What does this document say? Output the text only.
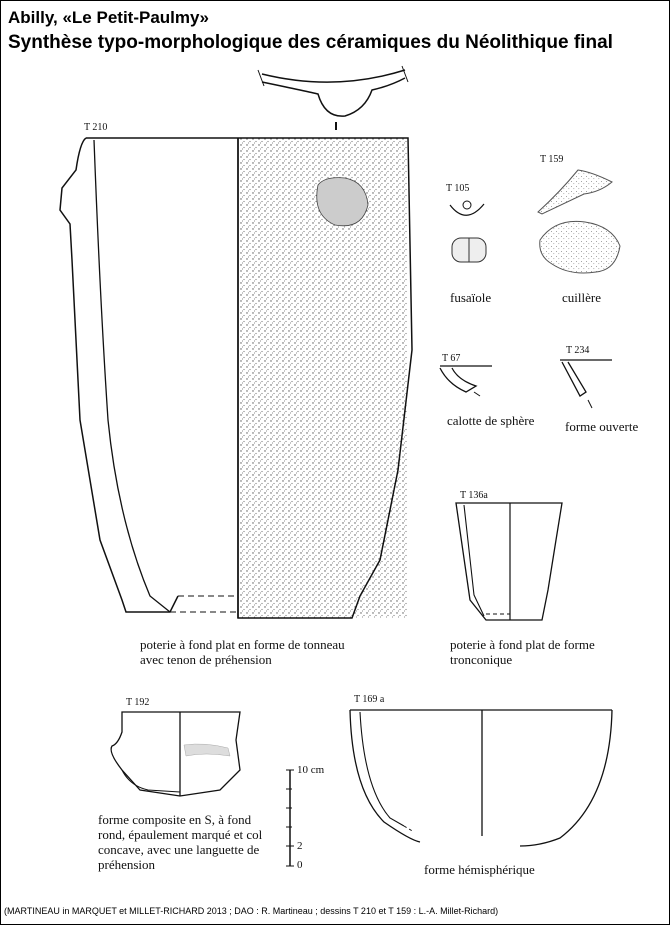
Abilly, «Le Petit-Paulmy»
Synthèse typo-morphologique des céramiques du Néolithique final
T 210
T 105
T 159
T 67
T 234
T 136a
T 192	T 169 a
fusaïole	cuillère
calotte de sphère forme ouverte
poterie à fond plat en forme de tonneau
avec tenon de préhension
poterie à fond plat de forme
tronconique
forme composite en S, à fond
rond, épaulement marqué et col
concave, avec une languette de
préhension	forme hémisphérique
10 cm
2
0
(MARTINEAU in MARQUET et MILLET-RICHARD 2013 ; DAO : R. Martineau ; dessins T 210 et T 159 : L.-A. Millet-Richard)
